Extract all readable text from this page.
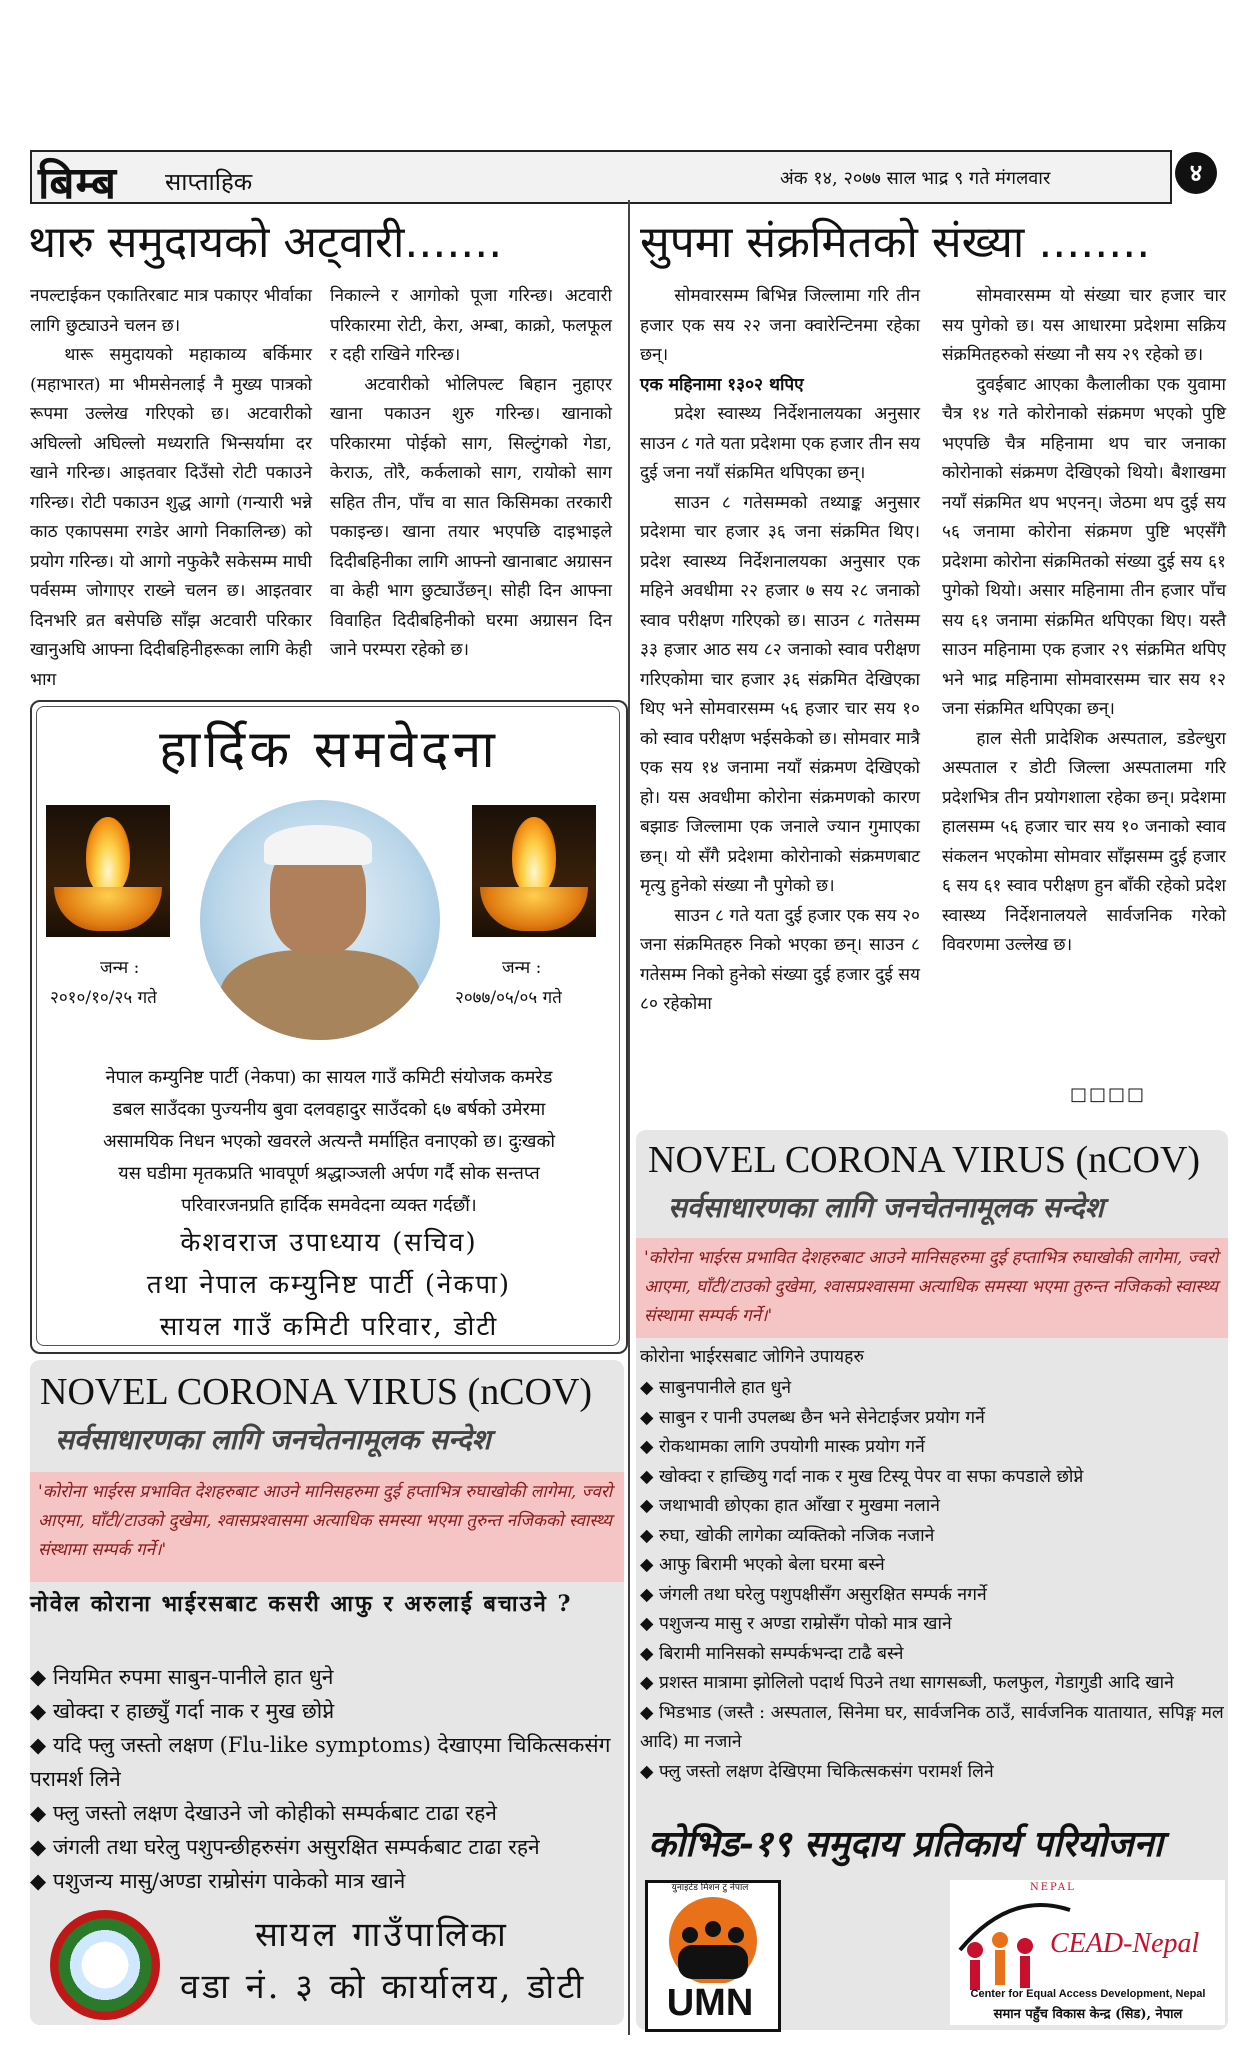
बिम्ब साप्ताहिक	अंक १४, २०७७ साल भाद्र ९ गते मंगलवार	४
थारु समुदायको अट्वारी.......

नपल्टाईकन एकातिरबाट मात्र पकाएर भीर्वाका लागि छुट्याउने चलन छ।

थारू समुदायको महाकाव्य बर्किमार (महाभारत) मा भीमसेनलाई नै मुख्य पात्रको रूपमा उल्लेख गरिएको छ। अटवारीको अघिल्लो अघिल्लो मध्यराति भिन्सर्यामा दर खाने गरिन्छ। आइतवार दिउँसो रोटी पकाउने गरिन्छ। रोटी पकाउन शुद्ध आगो (गन्यारी भन्ने काठ एकापसमा रगडेर आगो निकालिन्छ) को प्रयोग गरिन्छ। यो आगो नफुकेरै सकेसम्म माघी पर्वसम्म जोगाएर राख्ने चलन छ। आइतवार दिनभरि व्रत बसेपछि साँझ अटवारी परिकार खानुअघि आफ्ना दिदीबहिनीहरूका लागि केही भाग

निकाल्ने र आगोको पूजा गरिन्छ। अटवारी परिकारमा रोटी, केरा, अम्बा, काक्रो, फलफूल र दही राखिने गरिन्छ।

अटवारीको भोलिपल्ट बिहान नुहाएर खाना पकाउन शुरु गरिन्छ। खानाको परिकारमा पोईको साग, सिल्टुंगको गेडा, केराऊ, तोरै, कर्कलाको साग, रायोको साग सहित तीन, पाँच वा सात किसिमका तरकारी पकाइन्छ। खाना तयार भएपछि दाइभाइले दिदीबहिनीका लागि आफ्नो खानाबाट अग्रासन वा केही भाग छुट्याउँछन्। सोही दिन आफ्ना विवाहित दिदीबहिनीको घरमा अग्रासन दिन जाने परम्परा रहेको छ।

हार्दिक समवेदना
जन्म :
२०१०/१०/२५ गते
जन्म :
२०७७/०५/०५ गते
नेपाल कम्युनिष्ट पार्टी (नेकपा) का सायल गाउँ कमिटी संयोजक कमरेड
डबल साउँदका पुज्यनीय बुवा दलवहादुर साउँदको ६७ बर्षको उमेरमा
असामयिक निधन भएको खवरले अत्यन्तै मर्माहित वनाएको छ। दुःखको
यस घडीमा मृतकप्रति भावपूर्ण श्रद्धाञ्जली अर्पण गर्दै सोक सन्तप्त
परिवारजनप्रति हार्दिक समवेदना व्यक्त गर्दछौं।
केशवराज उपाध्याय (सचिव)
तथा नेपाल कम्युनिष्ट पार्टी (नेकपा)
सायल गाउँ कमिटी परिवार, डोटी
NOVEL CORONA VIRUS (nCOV)
सर्वसाधारणका लागि जनचेतनामूलक सन्देश
'कोरोना भाईरस प्रभावित देशहरुबाट आउने मानिसहरुमा दुई हप्ताभित्र रुघाखोकी लागेमा, ज्वरो आएमा, घाँटी/टाउको दुखेमा, श्वासप्रश्वासमा अत्याधिक समस्या भएमा तुरुन्त नजिकको स्वास्थ्य संस्थामा सम्पर्क गर्ने।'
नोवेल कोराना भाईरसबाट कसरी आफु र अरुलाई बचाउने ?

◆ नियमित रुपमा साबुन-पानीले हात धुने

◆ खोक्दा र हाछ्युँ गर्दा नाक र मुख छोप्ने

◆ यदि फ्लु जस्तो लक्षण (Flu-like symptoms) देखाएमा चिकित्सकसंग परामर्श लिने

◆ फ्लु जस्तो लक्षण देखाउने जो कोहीको सम्पर्कबाट टाढा रहने

◆ जंगली तथा घरेलु पशुपन्छीहरुसंग असुरक्षित सम्पर्कबाट टाढा रहने

◆ पशुजन्य मासु/अण्डा राम्रोसंग पाकेको मात्र खाने

सायल गाउँपालिका
वडा नं. ३ को कार्यालय, डोटी
सुपमा संक्रमितको संख्या ........

सोमवारसम्म बिभिन्न जिल्लामा गरि तीन हजार एक सय २२ जना क्वारेन्टिनमा रहेका छन्।

एक महिनामा १३०२ थपिए

प्रदेश स्वास्थ्य निर्देशनालयका अनुसार साउन ८ गते यता प्रदेशमा एक हजार तीन सय दुई जना नयाँ संक्रमित थपिएका छन्।

साउन ८ गतेसम्मको तथ्याङ्क अनुसार प्रदेशमा चार हजार ३६ जना संक्रमित थिए। प्रदेश स्वास्थ्य निर्देशनालयका अनुसार एक महिने अवधीमा २२ हजार ७ सय २८ जनाको स्वाव परीक्षण गरिएको छ। साउन ८ गतेसम्म ३३ हजार आठ सय ८२ जनाको स्वाव परीक्षण गरिएकोमा चार हजार ३६ संक्रमित देखिएका थिए भने सोमवारसम्म ५६ हजार चार सय १० को स्वाव परीक्षण भईसकेको छ। सोमवार मात्रै एक सय १४ जनामा नयाँ संक्रमण देखिएको हो। यस अवधीमा कोरोना संक्रमणको कारण बझाङ जिल्लामा एक जनाले ज्यान गुमाएका छन्। यो सँगै प्रदेशमा कोरोनाको संक्रमणबाट मृत्यु हुनेको संख्या नौ पुगेको छ।

साउन ८ गते यता दुई हजार एक सय २० जना संक्रमितहरु निको भएका छन्। साउन ८ गतेसम्म निको हुनेको संख्या दुई हजार दुई सय ८० रहेकोमा

सोमवारसम्म यो संख्या चार हजार चार सय पुगेको छ। यस आधारमा प्रदेशमा सक्रिय संक्रमितहरुको संख्या नौ सय २९ रहेको छ।

दुवईबाट आएका कैलालीका एक युवामा चैत्र १४ गते कोरोनाको संक्रमण भएको पुष्टि भएपछि चैत्र महिनामा थप चार जनाका कोरोनाको संक्रमण देखिएको थियो। बैशाखमा नयाँ संक्रमित थप भएनन्। जेठमा थप दुई सय ५६ जनामा कोरोना संक्रमण पुष्टि भएसँगै प्रदेशमा कोरोना संक्रमितको संख्या दुई सय ६१ पुगेको थियो। असार महिनामा तीन हजार पाँच सय ६१ जनामा संक्रमित थपिएका थिए। यस्तै साउन महिनामा एक हजार २९ संक्रमित थपिए भने भाद्र महिनामा सोमवारसम्म चार सय १२ जना संक्रमित थपिएका छन्।

हाल सेती प्रादेशिक अस्पताल, डडेल्धुरा अस्पताल र डोटी जिल्ला अस्पतालमा गरि प्रदेशभित्र तीन प्रयोगशाला रहेका छन्। प्रदेशमा हालसम्म ५६ हजार चार सय १० जनाको स्वाव संकलन भएकोमा सोमवार साँझसम्म दुई हजार ६ सय ६१ स्वाव परीक्षण हुन बाँकी रहेको प्रदेश स्वास्थ्य निर्देशनालयले सार्वजनिक गरेको विवरणमा उल्लेख छ।

□□□□
NOVEL CORONA VIRUS (nCOV)
सर्वसाधारणका लागि जनचेतनामूलक सन्देश
'कोरोना भाईरस प्रभावित देशहरुबाट आउने मानिसहरुमा दुई हप्ताभित्र रुघाखोकी लागेमा, ज्वरो आएमा, घाँटी/टाउको दुखेमा, श्वासप्रश्वासमा अत्याधिक समस्या भएमा तुरुन्त नजिकको स्वास्थ्य संस्थामा सम्पर्क गर्ने।'
कोरोना भाईरसबाट जोगिने उपायहरु

◆ साबुनपानीले हात धुने

◆ साबुन र पानी उपलब्ध छैन भने सेनेटाईजर प्रयोग गर्ने

◆ रोकथामका लागि उपयोगी मास्क प्रयोग गर्ने

◆ खोक्दा र हाच्छियु गर्दा नाक र मुख टिस्यू पेपर वा सफा कपडाले छोप्ने

◆ जथाभावी छोएका हात आँखा र मुखमा नलाने

◆ रुघा, खोकी लागेका व्यक्तिको नजिक नजाने

◆ आफु बिरामी भएको बेला घरमा बस्ने

◆ जंगली तथा घरेलु पशुपक्षीसँग असुरक्षित सम्पर्क नगर्ने

◆ पशुजन्य मासु र अण्डा राम्रोसँग पोको मात्र खाने

◆ बिरामी मानिसको सम्पर्कभन्दा टाढै बस्ने

◆ प्रशस्त मात्रामा झोलिलो पदार्थ पिउने तथा सागसब्जी, फलफुल, गेडागुडी आदि खाने

◆ भिडभाड (जस्तै : अस्पताल, सिनेमा घर, सार्वजनिक ठाउँ, सार्वजनिक यातायात, सपिङ्ग मल आदि) मा नजाने

◆ फ्लु जस्तो लक्षण देखिएमा चिकित्सकसंग परामर्श लिने

कोभिड-१९ समुदाय प्रतिकार्य परियोजना
युनाइटेड मिशन टु नेपाल
UMN
NEPAL
CEAD-Nepal
Center for Equal Access Development, Nepal
समान पहुँच विकास केन्द्र (सिड), नेपाल
